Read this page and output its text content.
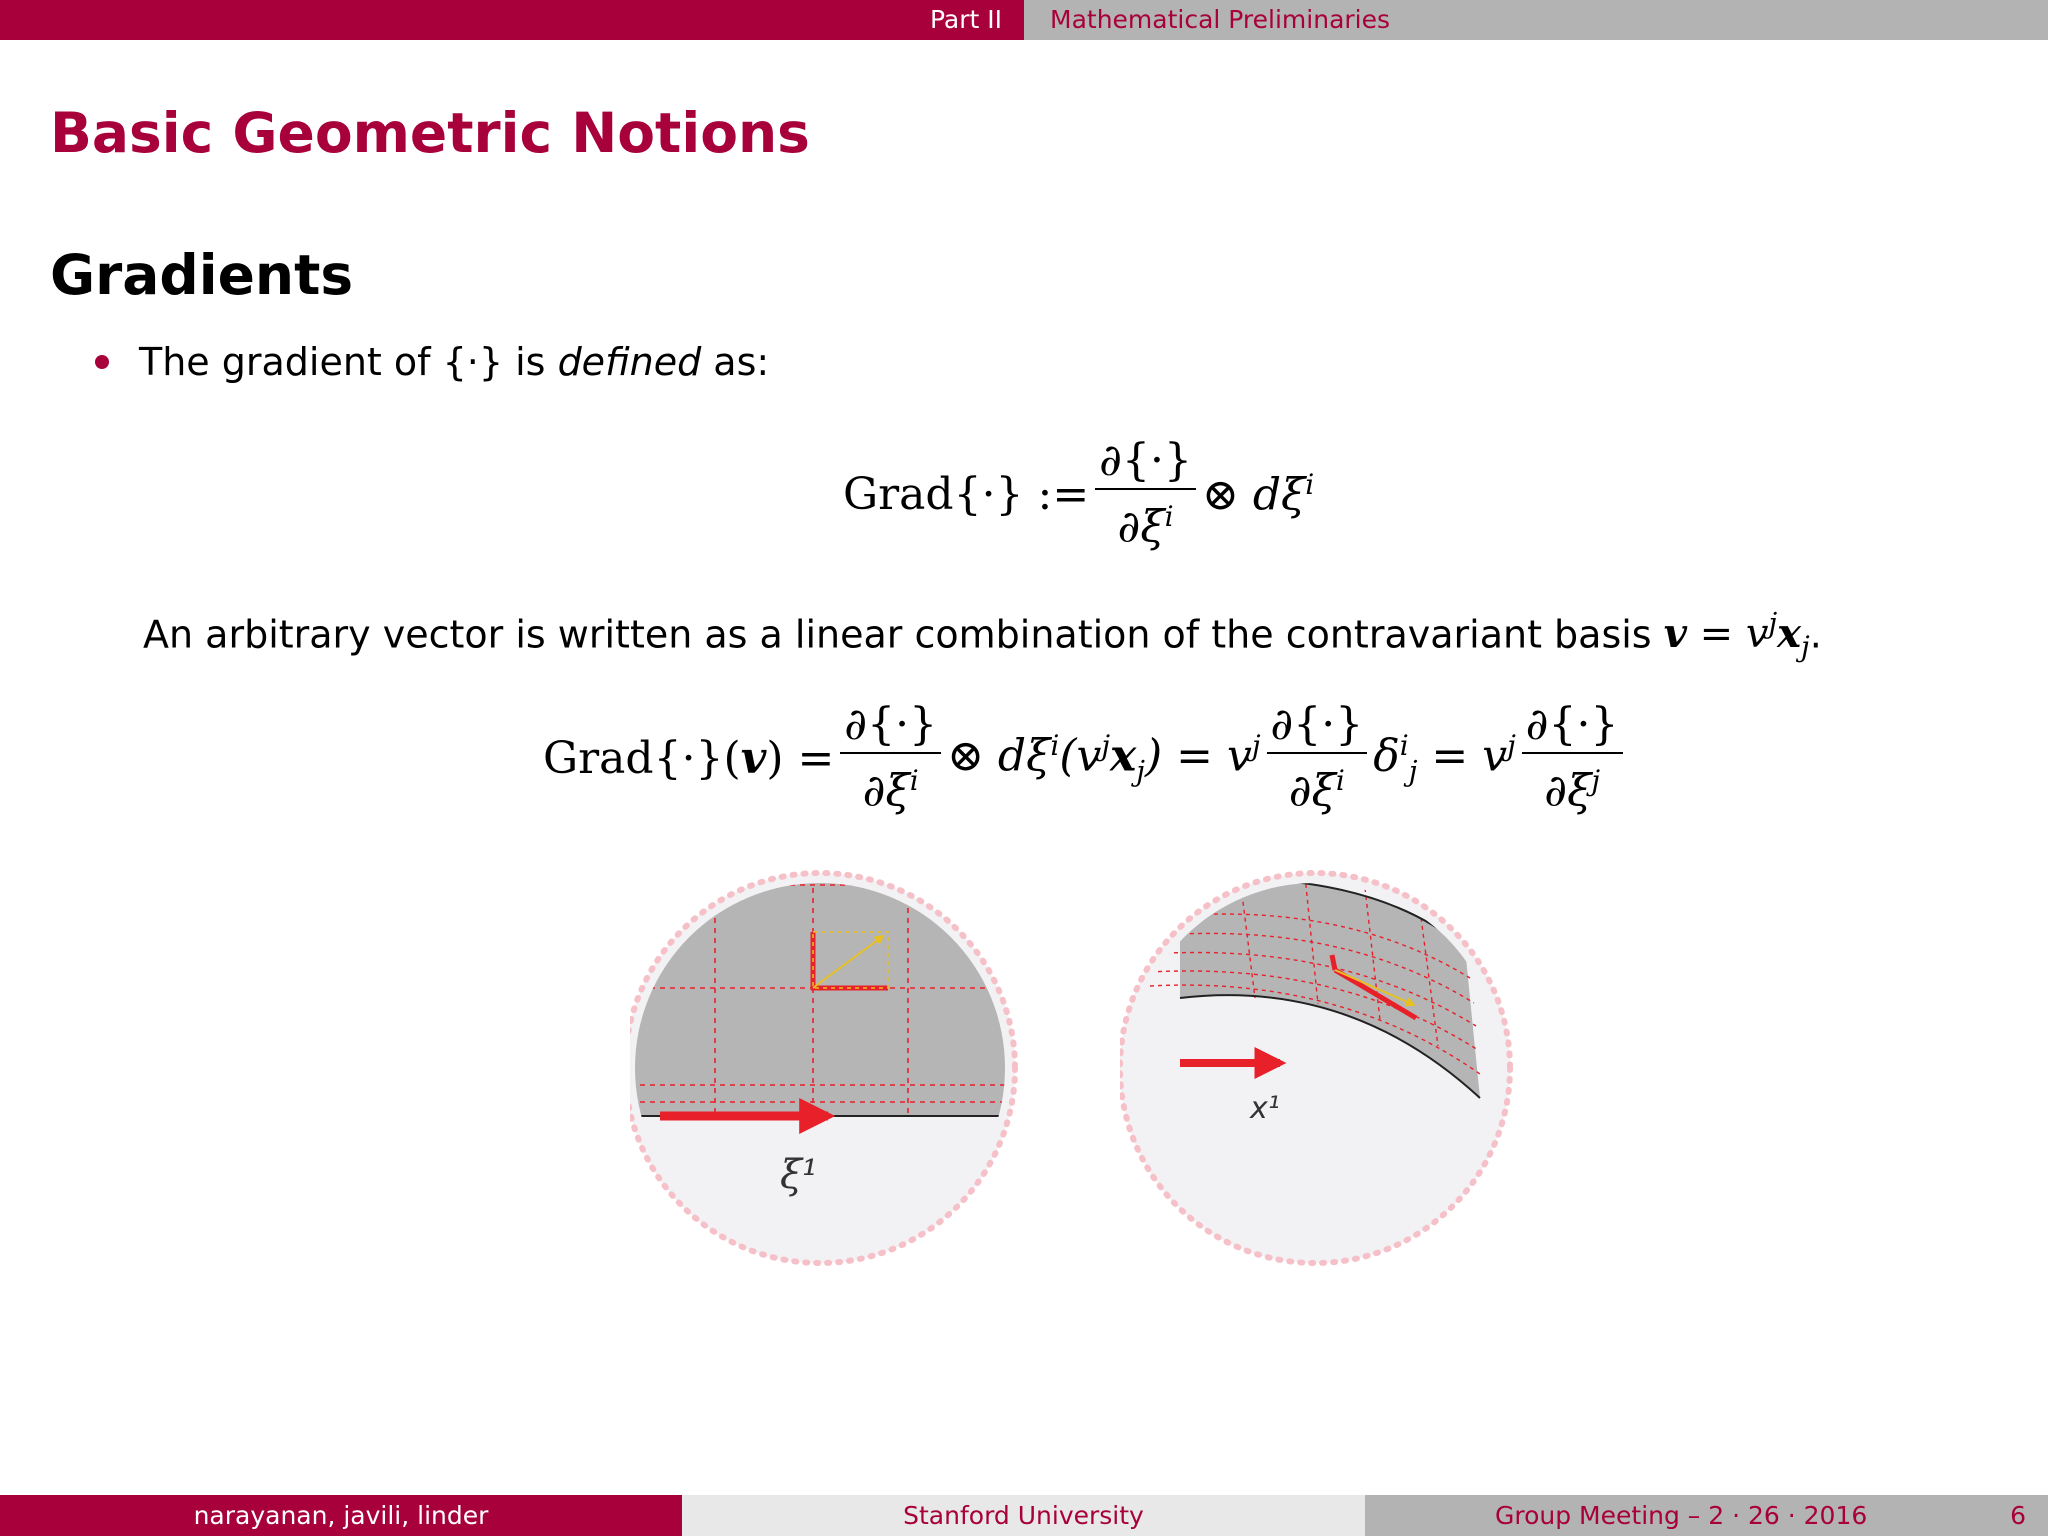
Part II Mathematical Preliminaries
Basic Geometric Notions
Gradients
The gradient of {·} is defined as:
Grad{·} := $\frac{\partial\{\cdot\}}{\partial\xi^i}$ ⊗ $d\xi^i$
An arbitrary vector is written as a linear combination of the contravariant basis $v = v^jx_j$.
Grad{·}(v) = $\frac{\partial\{\cdot\}}{\partial\xi^i}$ ⊗ $d\xi^i(v^jx_j) = v^j \frac{\partial\{\cdot\}}{\partial\xi^i} \delta^i_j = v^j \frac{\partial\{\cdot\}}{\partial\xi^j}$
ξ¹
x¹
narayanan, javili, linder	Stanford University	Group Meeting – 2 · 26 · 2016	6
